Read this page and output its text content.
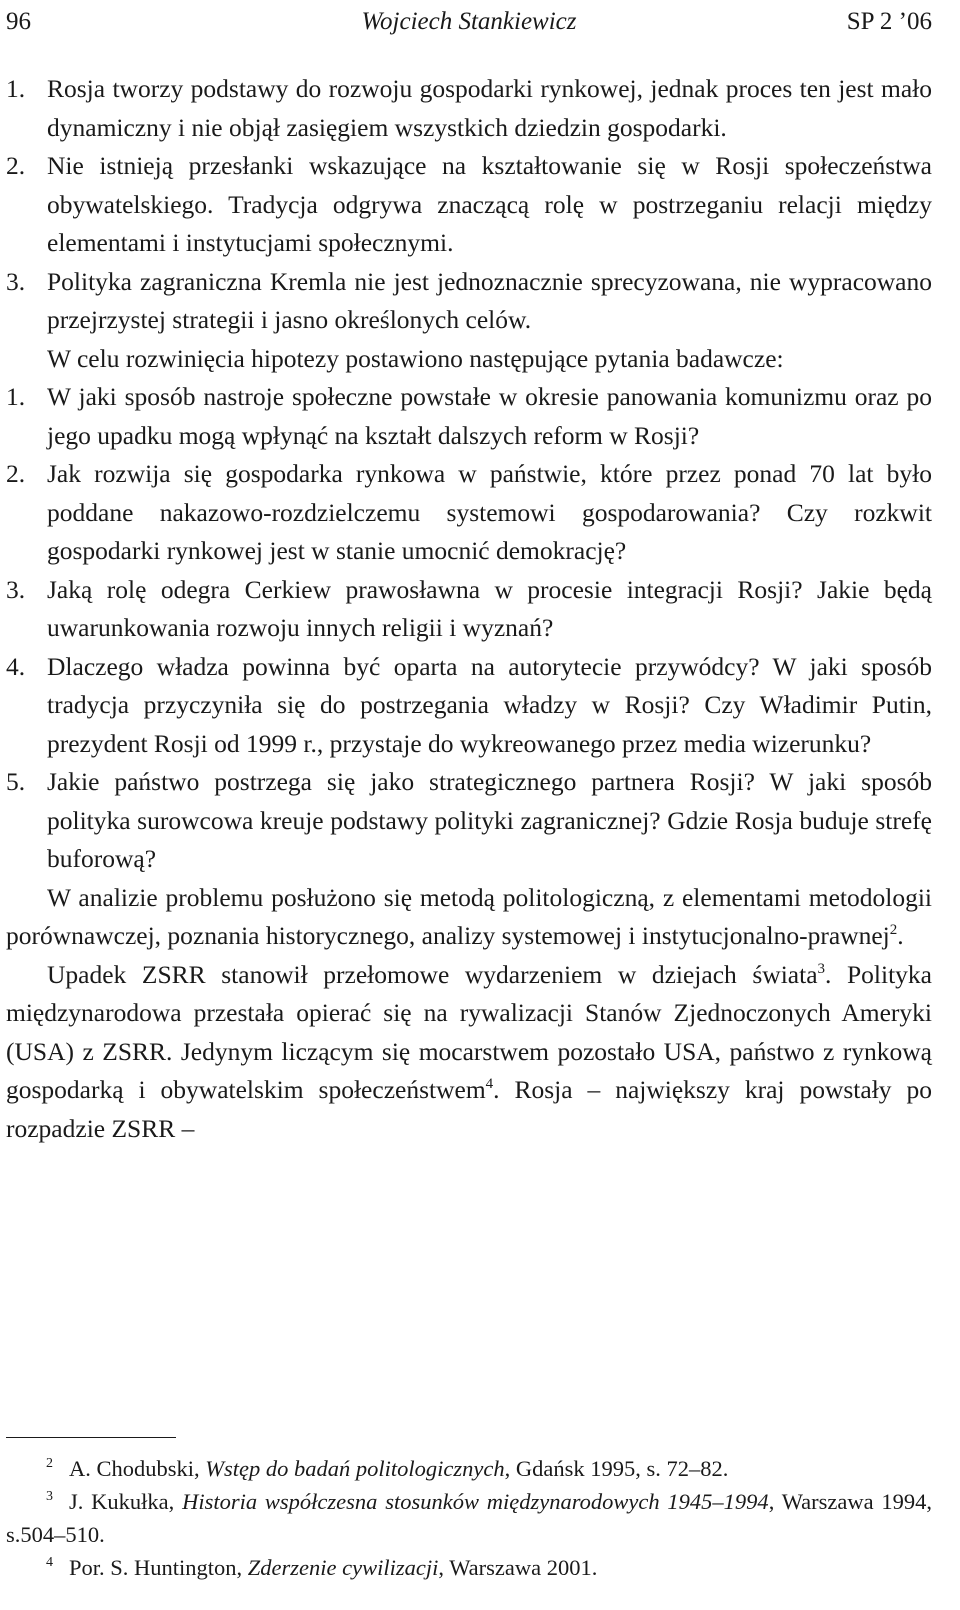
96	Wojciech Stankiewicz	SP 2 ’06
1. Rosja tworzy podstawy do rozwoju gospodarki rynkowej, jednak proces ten jest mało dynamiczny i nie objął zasięgiem wszystkich dziedzin gospodarki.
2. Nie istnieją przesłanki wskazujące na kształtowanie się w Rosji społeczeństwa obywatelskiego. Tradycja odgrywa znaczącą rolę w postrzeganiu relacji między elementami i instytucjami społecznymi.
3. Polityka zagraniczna Kremla nie jest jednoznacznie sprecyzowana, nie wypracowano przejrzystej strategii i jasno określonych celów.
W celu rozwinięcia hipotezy postawiono następujące pytania badawcze:
1. W jaki sposób nastroje społeczne powstałe w okresie panowania komunizmu oraz po jego upadku mogą wpłynąć na kształt dalszych reform w Rosji?
2. Jak rozwija się gospodarka rynkowa w państwie, które przez ponad 70 lat było poddane nakazowo-rozdzielczemu systemowi gospodarowania? Czy rozkwit gospodarki rynkowej jest w stanie umocnić demokrację?
3. Jaką rolę odegra Cerkiew prawosławna w procesie integracji Rosji? Jakie będą uwarunkowania rozwoju innych religii i wyznań?
4. Dlaczego władza powinna być oparta na autorytecie przywódcy? W jaki sposób tradycja przyczyniła się do postrzegania władzy w Rosji? Czy Władimir Putin, prezydent Rosji od 1999 r., przystaje do wykreowanego przez media wizerunku?
5. Jakie państwo postrzega się jako strategicznego partnera Rosji? W jaki sposób polityka surowcowa kreuje podstawy polityki zagranicznej? Gdzie Rosja buduje strefę buforową?
W analizie problemu posłużono się metodą politologiczną, z elementami metodologii porównawczej, poznania historycznego, analizy systemowej i instytucjonalno-prawnej$^2$.
Upadek ZSRR stanowił przełomowe wydarzeniem w dziejach świata$^3$. Polityka międzynarodowa przestała opierać się na rywalizacji Stanów Zjednoczonych Ameryki (USA) z ZSRR. Jedynym liczącym się mocarstwem pozostało USA, państwo z rynkową gospodarką i obywatelskim społeczeństwem$^4$. Rosja – największy kraj powstały po rozpadzie ZSRR –
$^2$ A. Chodubski, Wstęp do badań politologicznych, Gdańsk 1995, s. 72–82.
$^3$ J. Kukułka, Historia współczesna stosunków międzynarodowych 1945–1994, Warszawa 1994, s.504–510.
$^4$ Por. S. Huntington, Zderzenie cywilizacji, Warszawa 2001.
